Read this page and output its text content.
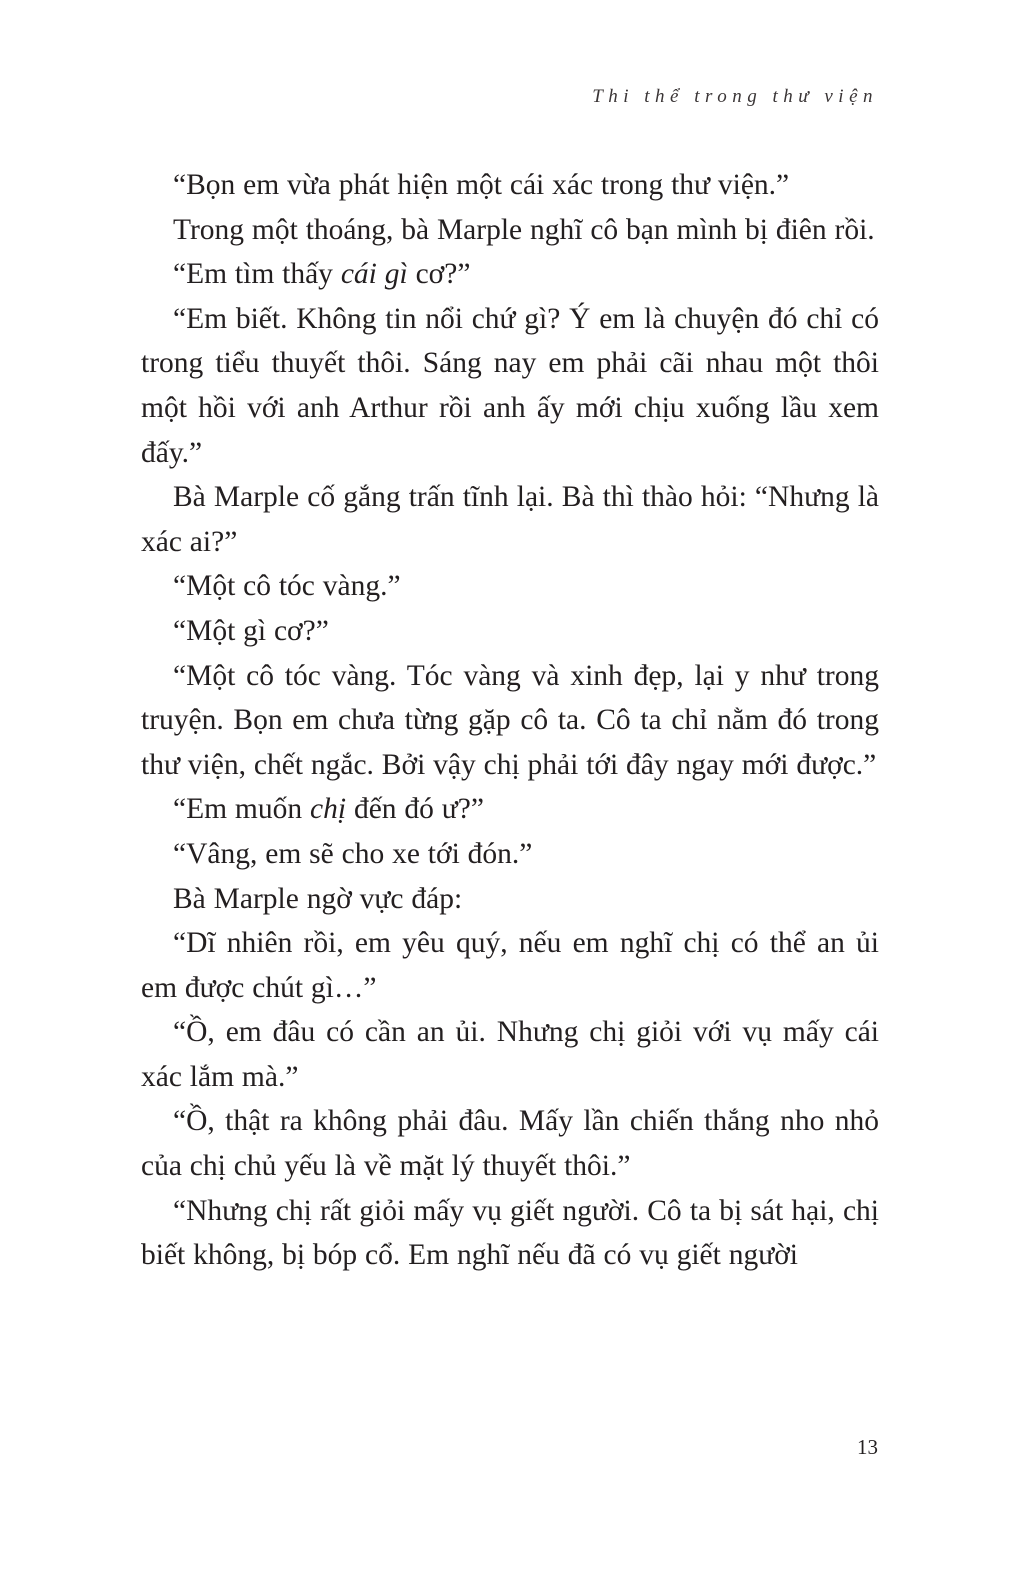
Thi thể trong thư viện

“Bọn em vừa phát hiện một cái xác trong thư viện.”

Trong một thoáng, bà Marple nghĩ cô bạn mình bị điên rồi.

“Em tìm thấy cái gì cơ?”

“Em biết. Không tin nổi chứ gì? Ý em là chuyện đó chỉ có trong tiểu thuyết thôi. Sáng nay em phải cãi nhau một thôi một hồi với anh Arthur rồi anh ấy mới chịu xuống lầu xem đấy.”

Bà Marple cố gắng trấn tĩnh lại. Bà thì thào hỏi: “Nhưng là xác ai?”

“Một cô tóc vàng.”

“Một gì cơ?”

“Một cô tóc vàng. Tóc vàng và xinh đẹp, lại y như trong truyện. Bọn em chưa từng gặp cô ta. Cô ta chỉ nằm đó trong thư viện, chết ngắc. Bởi vậy chị phải tới đây ngay mới được.”

“Em muốn chị đến đó ư?”

“Vâng, em sẽ cho xe tới đón.”

Bà Marple ngờ vực đáp:

“Dĩ nhiên rồi, em yêu quý, nếu em nghĩ chị có thể an ủi em được chút gì…”

“Ồ, em đâu có cần an ủi. Nhưng chị giỏi với vụ mấy cái xác lắm mà.”

“Ồ, thật ra không phải đâu. Mấy lần chiến thắng nho nhỏ của chị chủ yếu là về mặt lý thuyết thôi.”

“Nhưng chị rất giỏi mấy vụ giết người. Cô ta bị sát hại, chị biết không, bị bóp cổ. Em nghĩ nếu đã có vụ giết người

13
